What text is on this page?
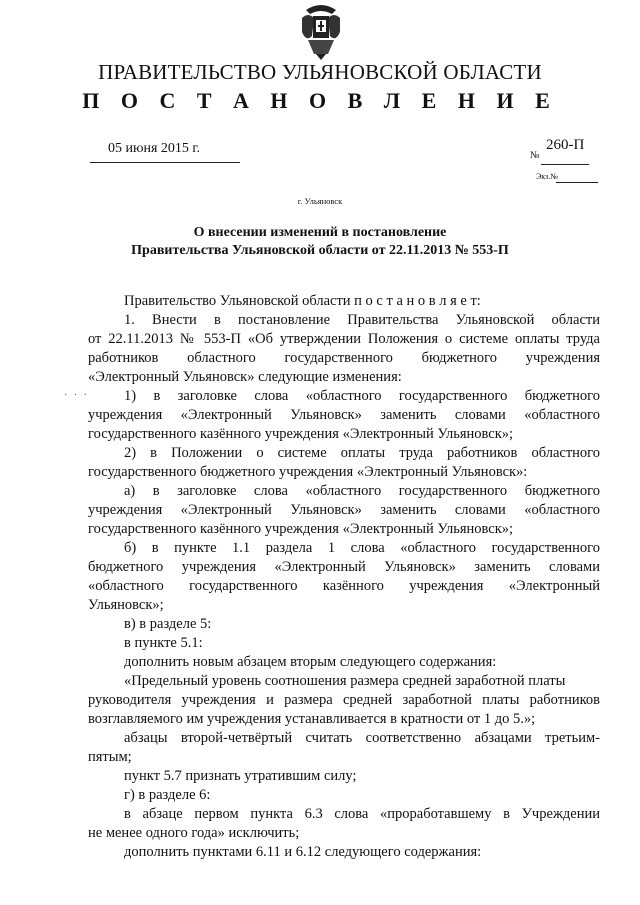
ПРАВИТЕЛЬСТВО УЛЬЯНОВСКОЙ ОБЛАСТИ
П О С Т А Н О В Л Е Н И Е
05 июня 2015 г.	№
260-П
Экз.№
г. Ульяновск
О внесении изменений в постановление
Правительства Ульяновской области от 22.11.2013 № 553-П
· · ·
Правительство Ульяновской области п о с т а н о в л я е т:
1. Внести в постановление Правительства Ульяновской области
от 22.11.2013 № 553-П «Об утверждении Положения о системе оплаты труда
работников областного государственного бюджетного учреждения
«Электронный Ульяновск» следующие изменения:
1) в заголовке слова «областного государственного бюджетного
учреждения «Электронный Ульяновск» заменить словами «областного
государственного казённого учреждения «Электронный Ульяновск»;
2) в Положении о системе оплаты труда работников областного
государственного бюджетного учреждения «Электронный Ульяновск»:
а) в заголовке слова «областного государственного бюджетного
учреждения «Электронный Ульяновск» заменить словами «областного
государственного казённого учреждения «Электронный Ульяновск»;
б) в пункте 1.1 раздела 1 слова «областного государственного
бюджетного учреждения «Электронный Ульяновск» заменить словами
«областного государственного казённого учреждения «Электронный
Ульяновск»;
в) в разделе 5:
в пункте 5.1:
дополнить новым абзацем вторым следующего содержания:
«Предельный уровень соотношения размера средней заработной платы
руководителя учреждения и размера средней заработной платы работников
возглавляемого им учреждения устанавливается в кратности от 1 до 5.»;
абзацы второй-четвёртый считать соответственно абзацами третьим-
пятым;
пункт 5.7 признать утратившим силу;
г) в разделе 6:
в абзаце первом пункта 6.3 слова «проработавшему в Учреждении
не менее одного года» исключить;
дополнить пунктами 6.11 и 6.12 следующего содержания:
